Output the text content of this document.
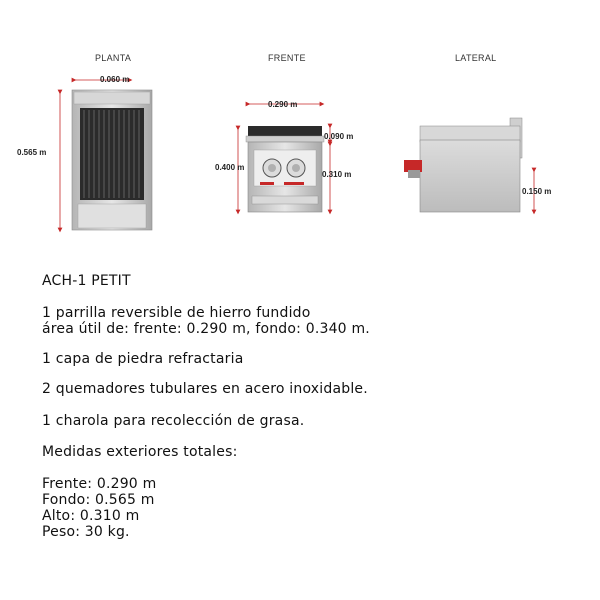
PLANTA	FRENTE	LATERAL
0.060 m
0.565 m
0.290 m
0.400 m
0.090 m
0.310 m
0.150 m
ACH-1 PETIT
1 parrilla reversible de hierro fundido
área útil de: frente: 0.290 m, fondo: 0.340 m.
1 capa de piedra refractaria
2 quemadores tubulares en acero inoxidable.
1 charola para recolección de grasa.
Medidas exteriores totales:
Frente: 0.290 m
Fondo: 0.565 m
Alto: 0.310 m
Peso: 30 kg.
